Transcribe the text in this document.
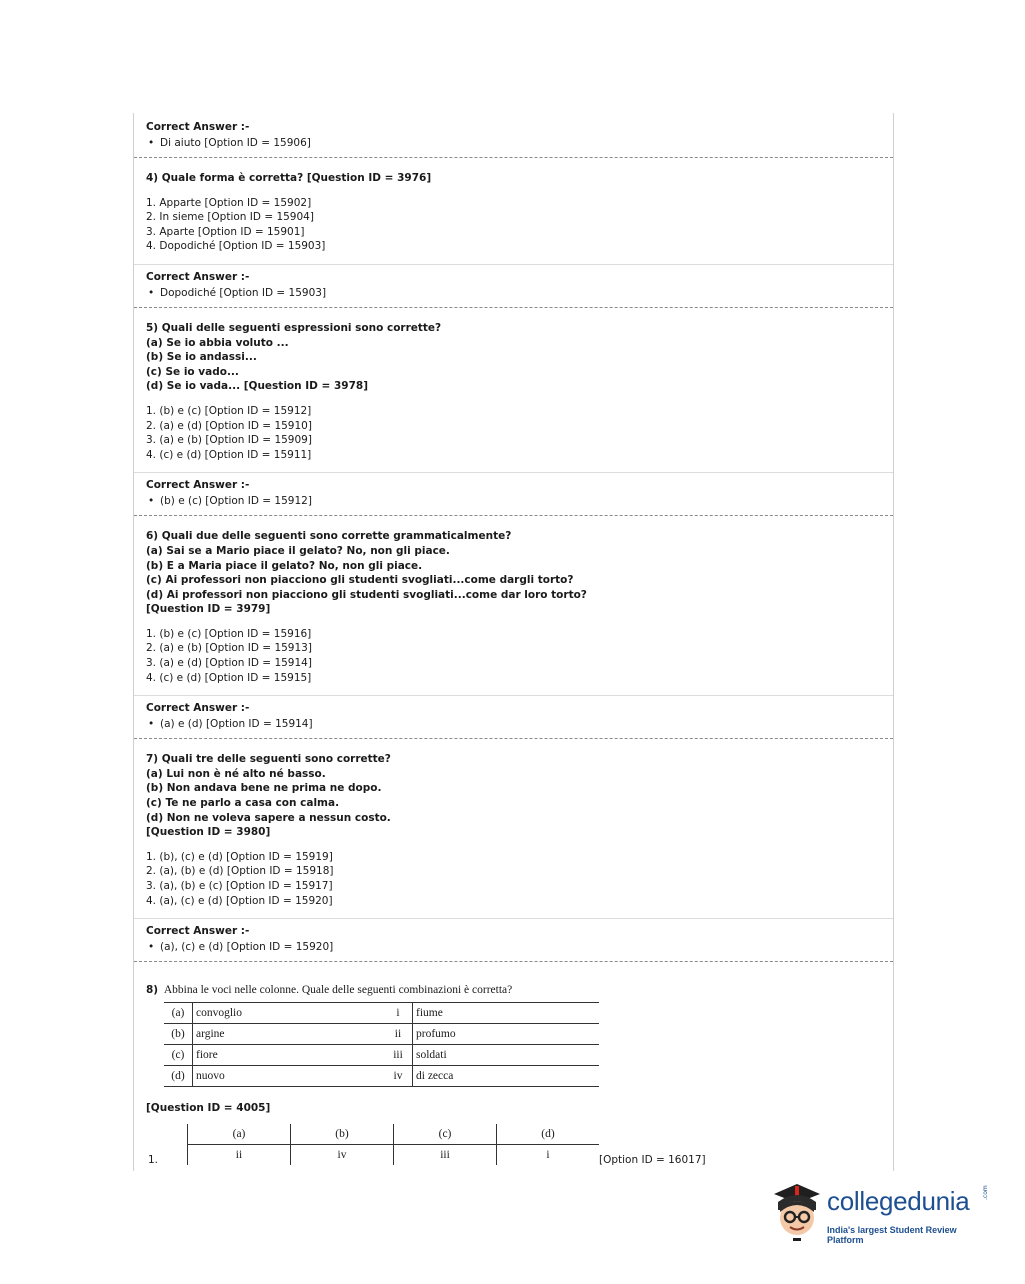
Correct Answer :-
• Di aiuto [Option ID = 15906]
4) Quale forma è corretta? [Question ID = 3976]
1. Apparte [Option ID = 15902]
2. In sieme [Option ID = 15904]
3. Aparte [Option ID = 15901]
4. Dopodiché [Option ID = 15903]
Correct Answer :-
• Dopodiché [Option ID = 15903]
5) Quali delle seguenti espressioni sono corrette?
(a) Se io abbia voluto ...
(b) Se io andassi...
(c) Se io vado...
(d) Se io vada... [Question ID = 3978]
1. (b) e (c) [Option ID = 15912]
2. (a) e (d) [Option ID = 15910]
3. (a) e (b) [Option ID = 15909]
4. (c) e (d) [Option ID = 15911]
Correct Answer :-
• (b) e (c) [Option ID = 15912]
6) Quali due delle seguenti sono corrette grammaticalmente?
(a) Sai se a Mario piace il gelato? No, non gli piace.
(b) E a Maria piace il gelato? No, non gli piace.
(c) Ai professori non piacciono gli studenti svogliati...come dargli torto?
(d) Ai professori non piacciono gli studenti svogliati...come dar loro torto?
[Question ID = 3979]
1. (b) e (c) [Option ID = 15916]
2. (a) e (b) [Option ID = 15913]
3. (a) e (d) [Option ID = 15914]
4. (c) e (d) [Option ID = 15915]
Correct Answer :-
• (a) e (d) [Option ID = 15914]
7) Quali tre delle seguenti sono corrette?
(a) Lui non è né alto né basso.
(b) Non andava bene ne prima ne dopo.
(c) Te ne parlo a casa con calma.
(d) Non ne voleva sapere a nessun costo.
[Question ID = 3980]
1. (b), (c) e (d) [Option ID = 15919]
2. (a), (b) e (d) [Option ID = 15918]
3. (a), (b) e (c) [Option ID = 15917]
4. (a), (c) e (d) [Option ID = 15920]
Correct Answer :-
• (a), (c) e (d) [Option ID = 15920]
8) Abbina le voci nelle colonne. Quale delle seguenti combinazioni è corretta?
(a)	convoglio	i	fiume
(b)	argine	ii	profumo
(c)	fiore	iii	soldati
(d)	nuovo	iv	di zecca
[Question ID = 4005]
1.
(a)	(b)	(c)	(d)
ii	iv	iii	i	[Option ID = 16017]
collegedunia .com
India's largest Student Review Platform
